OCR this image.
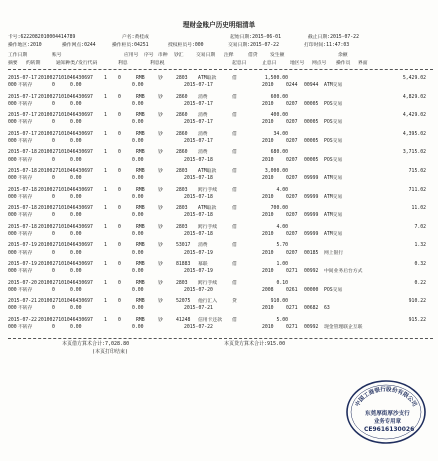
理财金账户历史明细清单
卡号:6222082010004414789	户名:黄桂成	起始日期:2015-06-01	截止日期:2015-07-22
操作地区:2010	操作网点:0244	操作柜员:04251	授权柜员号:000	交易日期:2015-07-22	打印时间:11:47:03
工作日期	账号	应用号 序号 币种 钞汇	交易日期 注释	借贷	发生额	余额
摘要 约转期	通知种类/发行代码	利息	利息税	起息日	止息日	地区号 网点号 操作员 界面
2015-07-17 2010027101046430697 1 0	RMB	钞	2803 ATM取款	借	1,500.00	5,429.02
000 不转存	0	0.00	0.00	2015-07-17	2010	0244 00944 ATM交易
2015-07-17 2010027101046430697 1 0	RMB	钞	2860 消费	借	600.00	4,829.02
000 不转存	0	0.00	0.00	2015-07-17	2010	0207 00005 POS交易
2015-07-17 2010027101046430697 1 0	RMB	钞	2860 消费	借	400.00	4,429.02
000 不转存	0	0.00	0.00	2015-07-17	2010	0207 00005 POS交易
2015-07-17 2010027101046430697 1 0	RMB	钞	2860 消费	借	34.00	4,395.02
000 不转存	0	0.00	0.00	2015-07-17	2010	0207 00005 POS交易
2015-07-18 2010027101046430697 1 0	RMB	钞	2860 消费	借	680.00	3,715.02
000 不转存	0	0.00	0.00	2015-07-18	2010	0207 00005 POS交易
2015-07-18 2010027101046430697 1 0	RMB	钞	2803 ATM取款	借	3,000.00	715.02
000 不转存	0	0.00	0.00	2015-07-18	2010	0207 09999 ATM交易
2015-07-18 2010027101046430697 1 0	RMB	钞	2803 跨行手续	借	4.00	711.02
000 不转存	0	0.00	0.00	2015-07-18	2010	0207 09999 ATM交易
2015-07-18 2010027101046430697 1 0	RMB	钞	2803 ATM取款	借	700.00	11.02
000 不转存	0	0.00	0.00	2015-07-18	2010	0207 09999 ATM交易
2015-07-18 2010027101046430697 1 0	RMB	钞	2803 跨行手续	借	4.00	7.02
000 不转存	0	0.00	0.00	2015-07-18	2010	0207 09999 ATM交易
2015-07-19 2010027101046430697 1 0	RMB	钞	53017 消费	借	5.70	1.32
000 不转存	0	0.00	0.00	2015-07-19	2010	0207 00185 网上银行
2015-07-19 2010027101046430697 1 0	RMB	钞	81883 慕联	借	1.00	0.32
000 不转存	0	0.00	0.00	2015-07-19	2010	0271 00992 中间业务后台方式
2015-07-20 2010027101046430697 1 0	RMB	钞	2803 跨行手续	借	0.10	0.22
000 不转存	0	0.00	0.00	2015-07-20	2008	0261 00000 POS交易
2015-07-21 2010027101046430697 1 0	RMB	钞	52075 他行汇入	贷	910.00	910.22
000 不转存	0	0.00	0.00	2015-07-21	2010	0271 00682 63
2015-07-22 2010027101046430697 1 0	RMB	钞	41248 信用卡还款 借	5.00	915.22
000 不转存	0	0.00	0.00	2015-07-22	2010	0271 00992 现金管理联企互联
本页借方算术合计:7,028.80	本页贷方算术合计:915.00
(本页打印结束)
中国工商银行股份有限公司
东莞厚街厚沙支行
业务专用章
CE9616130026
